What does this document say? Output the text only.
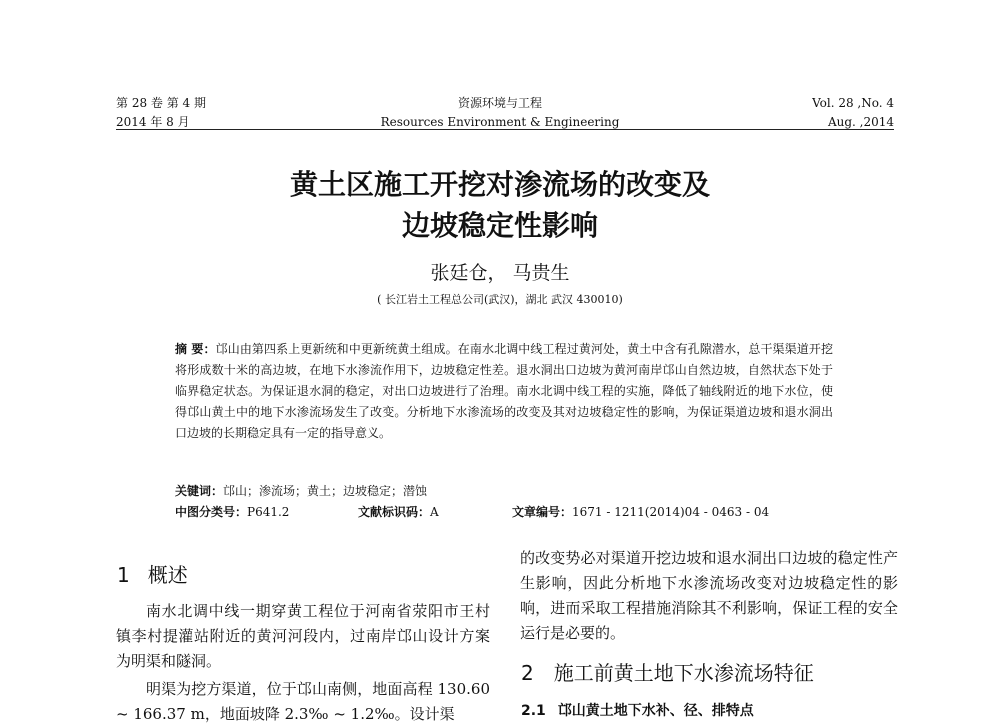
第 28 卷 第 4 期
2014 年 8 月
资源环境与工程
Resources Environment & Engineering
Vol. 28 ,No. 4
Aug. ,2014
黄土区施工开挖对渗流场的改变及
边坡稳定性影响
张廷仓， 马贵生
( 长江岩土工程总公司(武汉)，湖北 武汉 430010)
摘 要：邙山由第四系上更新统和中更新统黄土组成。在南水北调中线工程过黄河处，黄土中含有孔隙潜水，总干渠渠道开挖将形成数十米的高边坡，在地下水渗流作用下，边坡稳定性差。退水洞出口边坡为黄河南岸邙山自然边坡，自然状态下处于临界稳定状态。为保证退水洞的稳定，对出口边坡进行了治理。南水北调中线工程的实施，降低了轴线附近的地下水位，使得邙山黄土中的地下水渗流场发生了改变。分析地下水渗流场的改变及其对边坡稳定性的影响，为保证渠道边坡和退水洞出口边坡的长期稳定具有一定的指导意义。
关键词：邙山；渗流场；黄土；边坡稳定；潜蚀
中图分类号：P641.2	文献标识码：A	文章编号：1671 - 1211(2014)04 - 0463 - 04
1 概述
南水北调中线一期穿黄工程位于河南省荥阳市王村镇李村提灌站附近的黄河河段内，过南岸邙山设计方案为明渠和隧洞。
明渠为挖方渠道，位于邙山南侧，地面高程 130.60 ~ 166.37 m，地面坡降 2.3‰ ~ 1.2‰。设计渠
的改变势必对渠道开挖边坡和退水洞出口边坡的稳定性产生影响，因此分析地下水渗流场改变对边坡稳定性的影响，进而采取工程措施消除其不利影响，保证工程的安全运行是必要的。
2 施工前黄土地下水渗流场特征
2.1 邙山黄土地下水补、径、排特点
